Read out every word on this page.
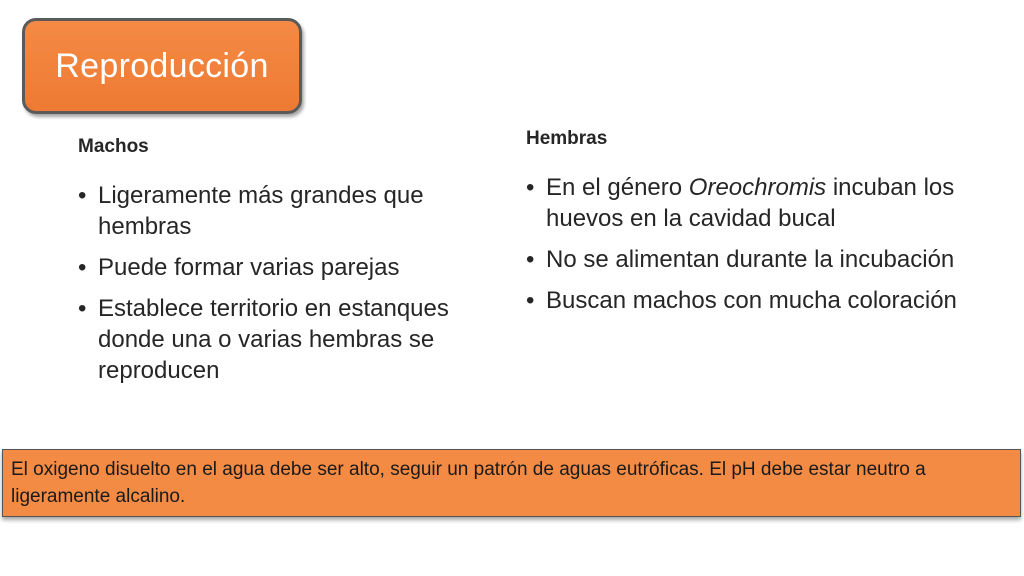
Reproducción
Machos
• Ligeramente más grandes que hembras
• Puede formar varias parejas
• Establece territorio en estanques donde una o varias hembras se reproducen
Hembras
• En el género Oreochromis incuban los huevos en la cavidad bucal
• No se alimentan durante la incubación
• Buscan machos con mucha coloración
El oxigeno disuelto en el agua debe ser alto, seguir un patrón de aguas eutróficas. El pH debe estar neutro a ligeramente alcalino.
